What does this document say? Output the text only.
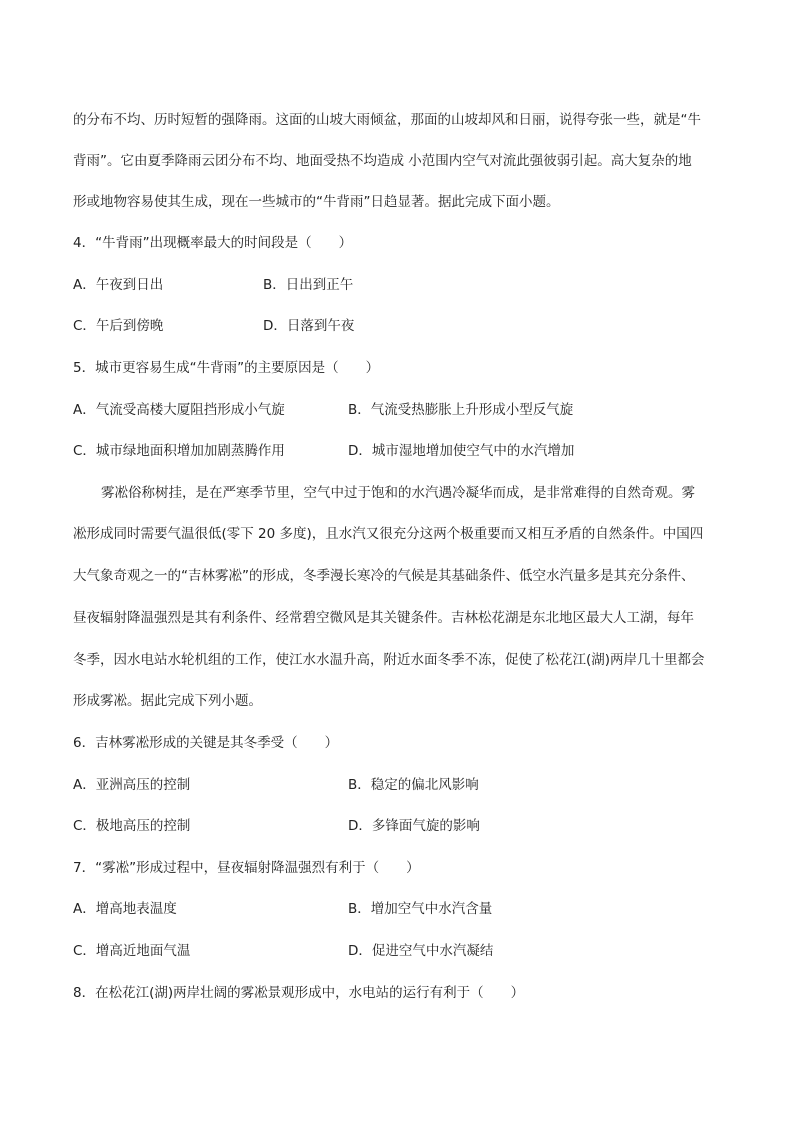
的分布不均、历时短暂的强降雨。这面的山坡大雨倾盆，那面的山坡却风和日丽，说得夸张一些，就是“牛
背雨”。它由夏季降雨云团分布不均、地面受热不均造成 小范围内空气对流此强彼弱引起。高大复杂的地
形或地物容易使其生成，现在一些城市的“牛背雨”日趋显著。据此完成下面小题。
4．“牛背雨”出现概率最大的时间段是（　　）
A．午夜到日出	B．日出到正午
C．午后到傍晚	D．日落到午夜
5．城市更容易生成“牛背雨”的主要原因是（　　）
A．气流受高楼大厦阻挡形成小气旋	B．气流受热膨胀上升形成小型反气旋
C．城市绿地面积增加加剧蒸腾作用	D．城市湿地增加使空气中的水汽增加
雾凇俗称树挂，是在严寒季节里，空气中过于饱和的水汽遇冷凝华而成，是非常难得的自然奇观。雾
凇形成同时需要气温很低(零下 20 多度)，且水汽又很充分这两个极重要而又相互矛盾的自然条件。中国四
大气象奇观之一的“吉林雾凇”的形成，冬季漫长寒冷的气候是其基础条件、低空水汽量多是其充分条件、
昼夜辐射降温强烈是其有利条件、经常碧空微风是其关键条件。吉林松花湖是东北地区最大人工湖，每年
冬季，因水电站水轮机组的工作，使江水水温升高，附近水面冬季不冻，促使了松花江(湖)两岸几十里都会
形成雾凇。据此完成下列小题。
6．吉林雾凇形成的关键是其冬季受（　　）
A．亚洲高压的控制	B．稳定的偏北风影响
C．极地高压的控制	D．多锋面气旋的影响
7．“雾凇”形成过程中，昼夜辐射降温强烈有利于（　　）
A．增高地表温度	B．增加空气中水汽含量
C．增高近地面气温	D．促进空气中水汽凝结
8．在松花江(湖)两岸壮阔的雾凇景观形成中，水电站的运行有利于（　　）
